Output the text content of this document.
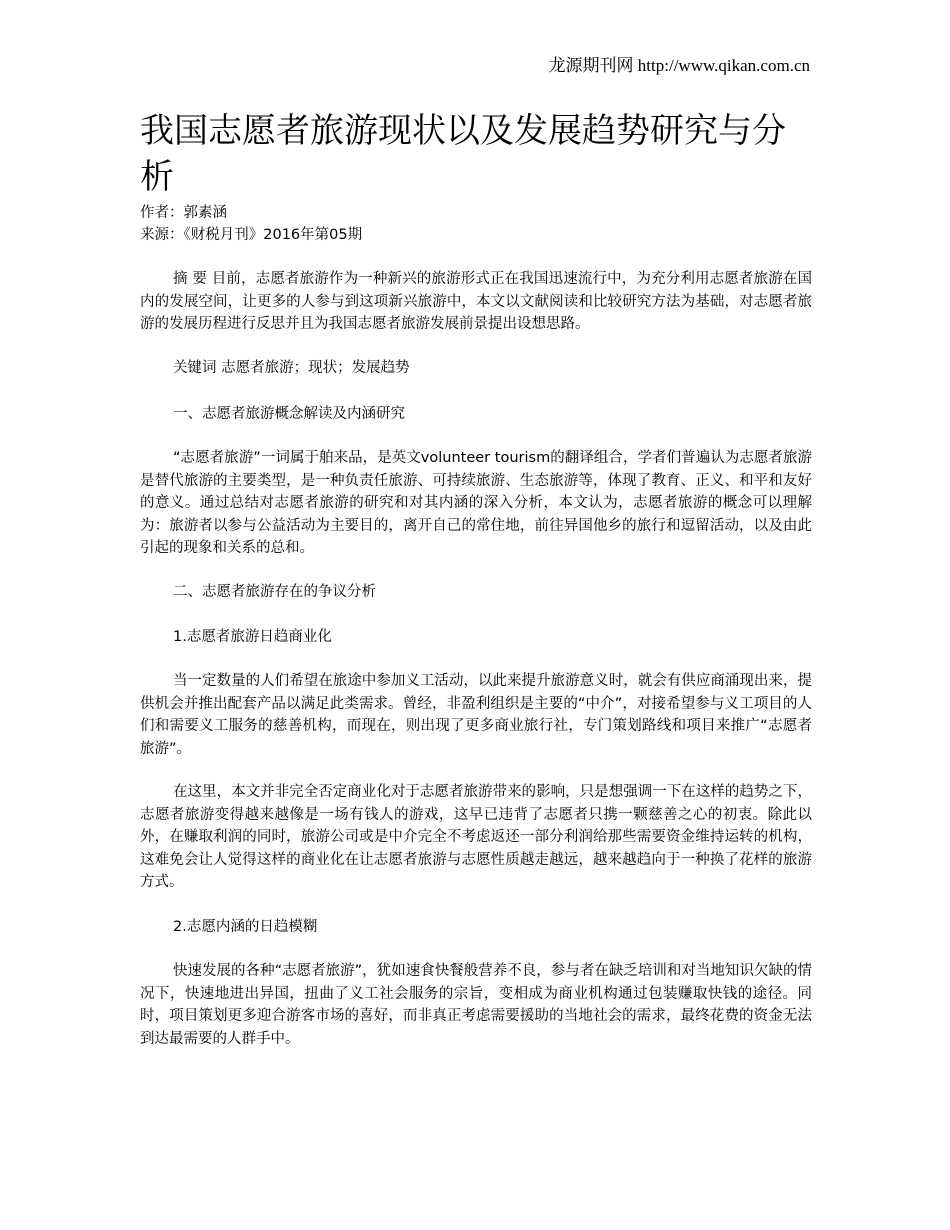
龙源期刊网 http://www.qikan.com.cn
我国志愿者旅游现状以及发展趋势研究与分析
作者：郭素涵
来源：《财税月刊》2016年第05期

摘 要 目前，志愿者旅游作为一种新兴的旅游形式正在我国迅速流行中，为充分利用志愿者旅游在国内的发展空间，让更多的人参与到这项新兴旅游中，本文以文献阅读和比较研究方法为基础，对志愿者旅游的发展历程进行反思并且为我国志愿者旅游发展前景提出设想思路。

关键词 志愿者旅游；现状；发展趋势

一、志愿者旅游概念解读及内涵研究

“志愿者旅游”一词属于舶来品，是英文volunteer tourism的翻译组合，学者们普遍认为志愿者旅游是替代旅游的主要类型，是一种负责任旅游、可持续旅游、生态旅游等，体现了教育、正义、和平和友好的意义。通过总结对志愿者旅游的研究和对其内涵的深入分析，本文认为，志愿者旅游的概念可以理解为：旅游者以参与公益活动为主要目的，离开自己的常住地，前往异国他乡的旅行和逗留活动，以及由此引起的现象和关系的总和。

二、志愿者旅游存在的争议分析

1.志愿者旅游日趋商业化

当一定数量的人们希望在旅途中参加义工活动，以此来提升旅游意义时，就会有供应商涌现出来，提供机会并推出配套产品以满足此类需求。曾经，非盈利组织是主要的“中介”，对接希望参与义工项目的人们和需要义工服务的慈善机构，而现在，则出现了更多商业旅行社，专门策划路线和项目来推广“志愿者旅游”。

在这里，本文并非完全否定商业化对于志愿者旅游带来的影响，只是想强调一下在这样的趋势之下，志愿者旅游变得越来越像是一场有钱人的游戏，这早已违背了志愿者只携一颗慈善之心的初衷。除此以外，在赚取利润的同时，旅游公司或是中介完全不考虑返还一部分利润给那些需要资金维持运转的机构，这难免会让人觉得这样的商业化在让志愿者旅游与志愿性质越走越远，越来越趋向于一种换了花样的旅游方式。

2.志愿内涵的日趋模糊

快速发展的各种“志愿者旅游”，犹如速食快餐般营养不良，参与者在缺乏培训和对当地知识欠缺的情况下，快速地进出异国，扭曲了义工社会服务的宗旨，变相成为商业机构通过包装赚取快钱的途径。同时，项目策划更多迎合游客市场的喜好，而非真正考虑需要援助的当地社会的需求，最终花费的资金无法到达最需要的人群手中。
